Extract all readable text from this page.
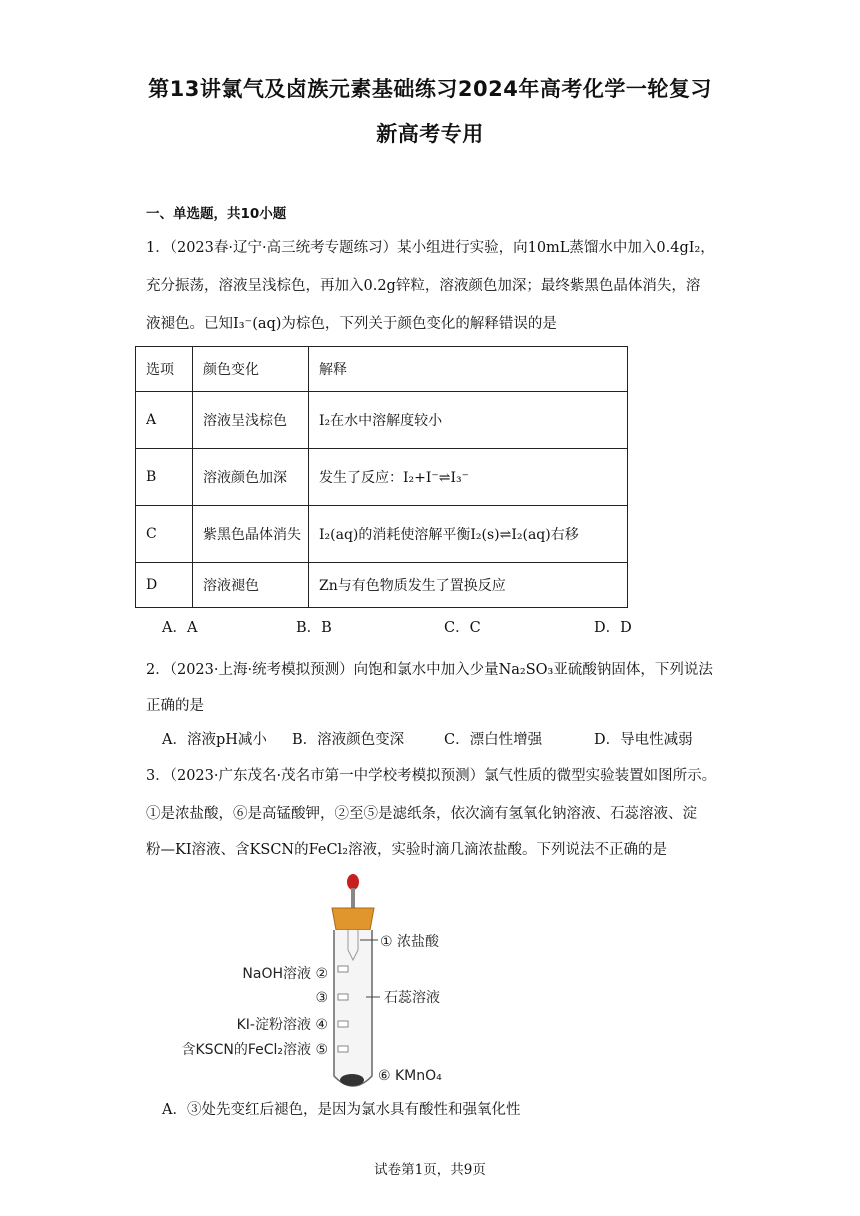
第13讲氯气及卤族元素基础练习2024年高考化学一轮复习
新高考专用
一、单选题，共10小题
1．（2023春·辽宁·高三统考专题练习）某小组进行实验，向10mL蒸馏水中加入0.4gI₂，
充分振荡，溶液呈浅棕色，再加入0.2g锌粒，溶液颜色加深；最终紫黑色晶体消失，溶
液褪色。已知I₃⁻(aq)为棕色，下列关于颜色变化的解释错误的是
选项	颜色变化	解释
A	溶液呈浅棕色	I₂在水中溶解度较小
B	溶液颜色加深	发生了反应：I₂+I⁻⇌I₃⁻
C	紫黑色晶体消失	I₂(aq)的消耗使溶解平衡I₂(s)⇌I₂(aq)右移
D	溶液褪色	Zn与有色物质发生了置换反应
A．A	B．B	C．C	D．D
2．（2023·上海·统考模拟预测）向饱和氯水中加入少量Na₂SO₃亚硫酸钠固体，下列说法
正确的是
A．溶液pH减小 B．溶液颜色变深	C．漂白性增强	D．导电性减弱
3．（2023·广东茂名·茂名市第一中学校考模拟预测）氯气性质的微型实验装置如图所示。
①是浓盐酸，⑥是高锰酸钾，②至⑤是滤纸条，依次滴有氢氧化钠溶液、石蕊溶液、淀
粉—KI溶液、含KSCN的FeCl₂溶液，实验时滴几滴浓盐酸。下列说法不正确的是
① 浓盐酸
NaOH溶液 ②
③	石蕊溶液
KI-淀粉溶液 ④
含KSCN的FeCl₂溶液 ⑤
⑥ KMnO₄
A．③处先变红后褪色，是因为氯水具有酸性和强氧化性
试卷第1页，共9页
